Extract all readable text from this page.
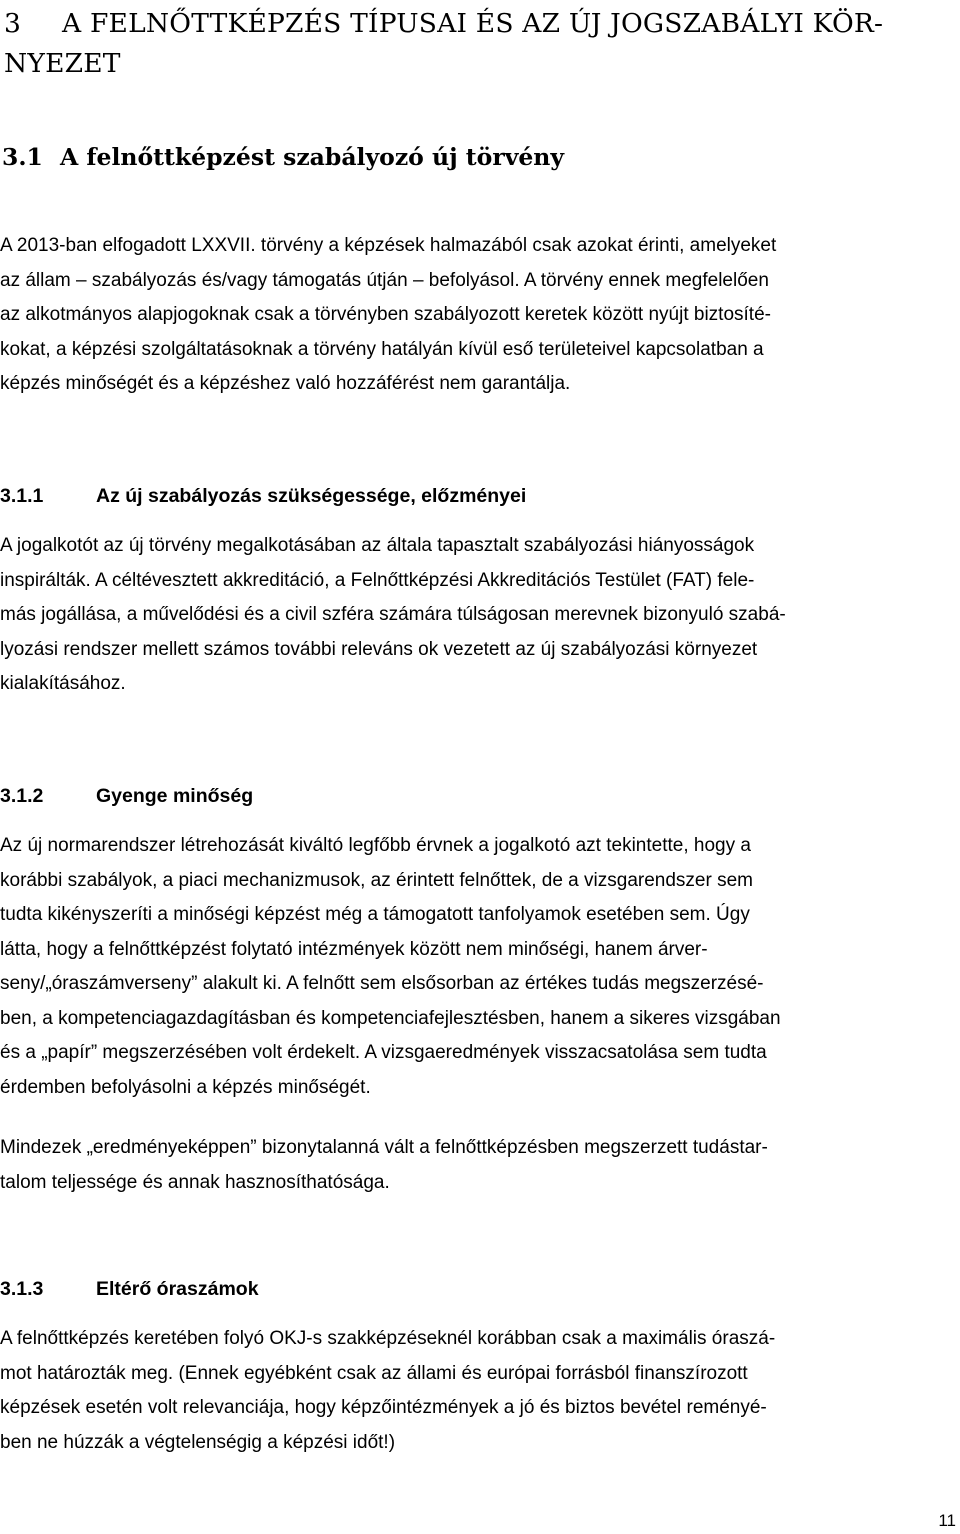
3 A FELNŐTTKÉPZÉS TÍPUSAI ÉS AZ ÚJ JOGSZABÁLYI KÖR-
NYEZET
3.1 A felnőttképzést szabályozó új törvény
A 2013-ban elfogadott LXXVII. törvény a képzések halmazából csak azokat érinti, amelyeket
az állam – szabályozás és/vagy támogatás útján – befolyásol. A törvény ennek megfelelően
az alkotmányos alapjogoknak csak a törvényben szabályozott keretek között nyújt biztosíté-
kokat, a képzési szolgáltatásoknak a törvény hatályán kívül eső területeivel kapcsolatban a
képzés minőségét és a képzéshez való hozzáférést nem garantálja.
3.1.1	Az új szabályozás szükségessége, előzményei
A jogalkotót az új törvény megalkotásában az általa tapasztalt szabályozási hiányosságok
inspirálták. A céltévesztett akkreditáció, a Felnőttképzési Akkreditációs Testület (FAT) fele-
más jogállása, a művelődési és a civil szféra számára túlságosan merevnek bizonyuló szabá-
lyozási rendszer mellett számos további releváns ok vezetett az új szabályozási környezet
kialakításához.
3.1.2	Gyenge minőség
Az új normarendszer létrehozását kiváltó legfőbb érvnek a jogalkotó azt tekintette, hogy a
korábbi szabályok, a piaci mechanizmusok, az érintett felnőttek, de a vizsgarendszer sem
tudta kikényszeríti a minőségi képzést még a támogatott tanfolyamok esetében sem. Úgy
látta, hogy a felnőttképzést folytató intézmények között nem minőségi, hanem árver-
seny/„óraszámverseny” alakult ki. A felnőtt sem elsősorban az értékes tudás megszerzésé-
ben, a kompetenciagazdagításban és kompetenciafejlesztésben, hanem a sikeres vizsgában
és a „papír” megszerzésében volt érdekelt. A vizsgaeredmények visszacsatolása sem tudta
érdemben befolyásolni a képzés minőségét.
Mindezek „eredményeképpen” bizonytalanná vált a felnőttképzésben megszerzett tudástar-
talom teljessége és annak hasznosíthatósága.
3.1.3	Eltérő óraszámok
A felnőttképzés keretében folyó OKJ-s szakképzéseknél korábban csak a maximális óraszá-
mot határozták meg. (Ennek egyébként csak az állami és európai forrásból finanszírozott
képzések esetén volt relevanciája, hogy képzőintézmények a jó és biztos bevétel reményé-
ben ne húzzák a végtelenségig a képzési időt!)
11
